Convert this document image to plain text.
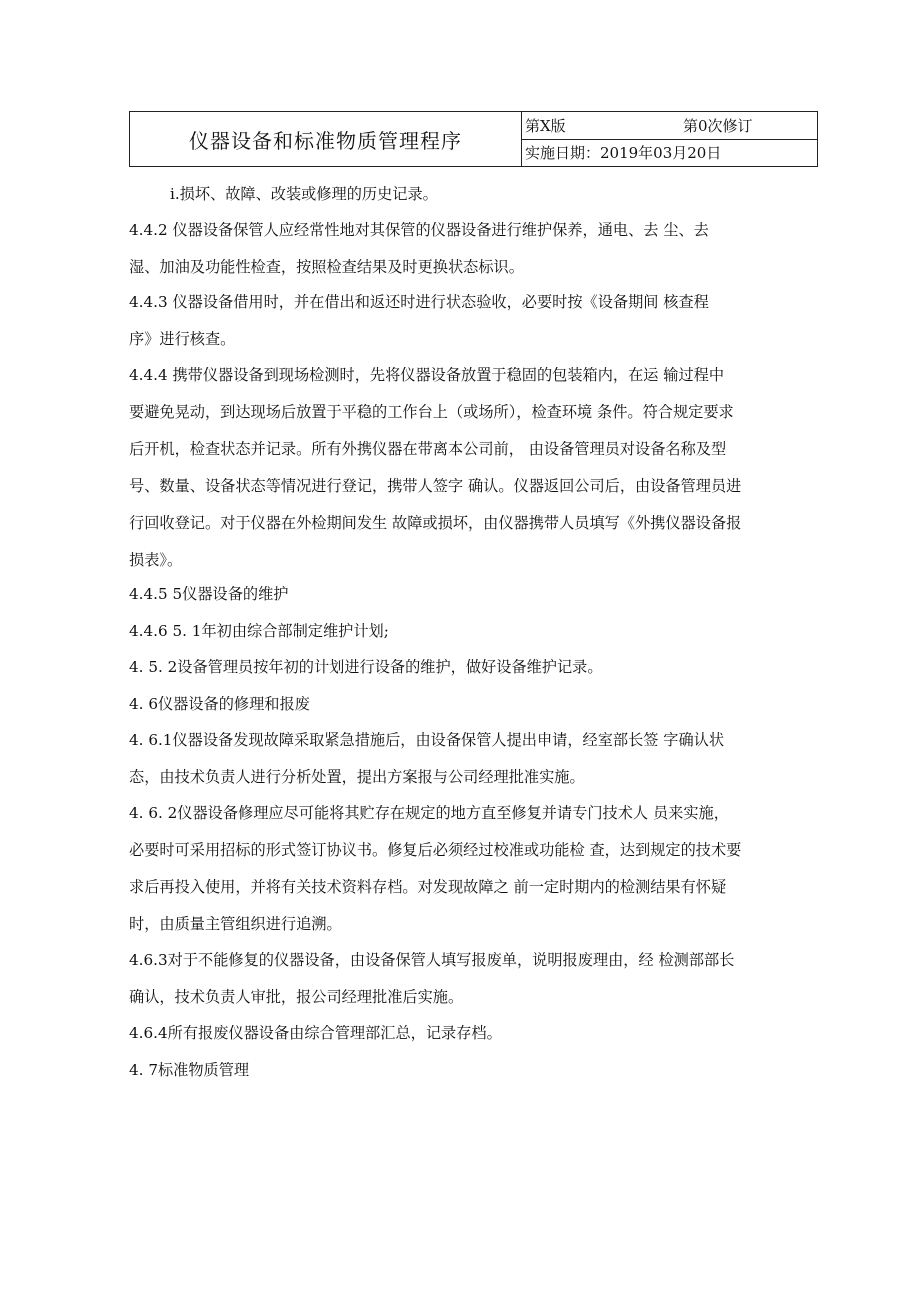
仪器设备和标准物质管理程序
第X版	第0次修订
实施日期：2019年03月20日
i.损坏、故障、改装或修理的历史记录。
4.4.2 仪器设备保管人应经常性地对其保管的仪器设备进行维护保养，通电、去 尘、去
湿、加油及功能性检查，按照检查结果及时更换状态标识。
4.4.3 仪器设备借用时，并在借出和返还时进行状态验收，必要时按《设备期间 核查程
序》进行核查。
4.4.4 携带仪器设备到现场检测时，先将仪器设备放置于稳固的包装箱内，在运 输过程中
要避免晃动，到达现场后放置于平稳的工作台上（或场所），检查环境 条件。符合规定要求
后开机，检查状态并记录。所有外携仪器在带离本公司前， 由设备管理员对设备名称及型
号、数量、设备状态等情况进行登记，携带人签字 确认。仪器返回公司后，由设备管理员进
行回收登记。对于仪器在外检期间发生 故障或损坏，由仪器携带人员填写《外携仪器设备报
损表》。
4.4.5 5仪器设备的维护
4.4.6 5. 1年初由综合部制定维护计划;
4. 5. 2设备管理员按年初的计划进行设备的维护，做好设备维护记录。
4. 6仪器设备的修理和报废
4. 6.1仪器设备发现故障采取紧急措施后，由设备保管人提出申请，经室部长签 字确认状
态，由技术负责人进行分析处置，提出方案报与公司经理批准实施。
4. 6. 2仪器设备修理应尽可能将其贮存在规定的地方直至修复并请专门技术人 员来实施，
必要时可采用招标的形式签订协议书。修复后必须经过校准或功能检 查，达到规定的技术要
求后再投入使用，并将有关技术资料存档。对发现故障之 前一定时期内的检测结果有怀疑
时，由质量主管组织进行追溯。
4.6.3对于不能修复的仪器设备，由设备保管人填写报废单，说明报废理由，经 检测部部长
确认，技术负责人审批，报公司经理批准后实施。
4.6.4所有报废仪器设备由综合管理部汇总，记录存档。
4. 7标准物质管理
